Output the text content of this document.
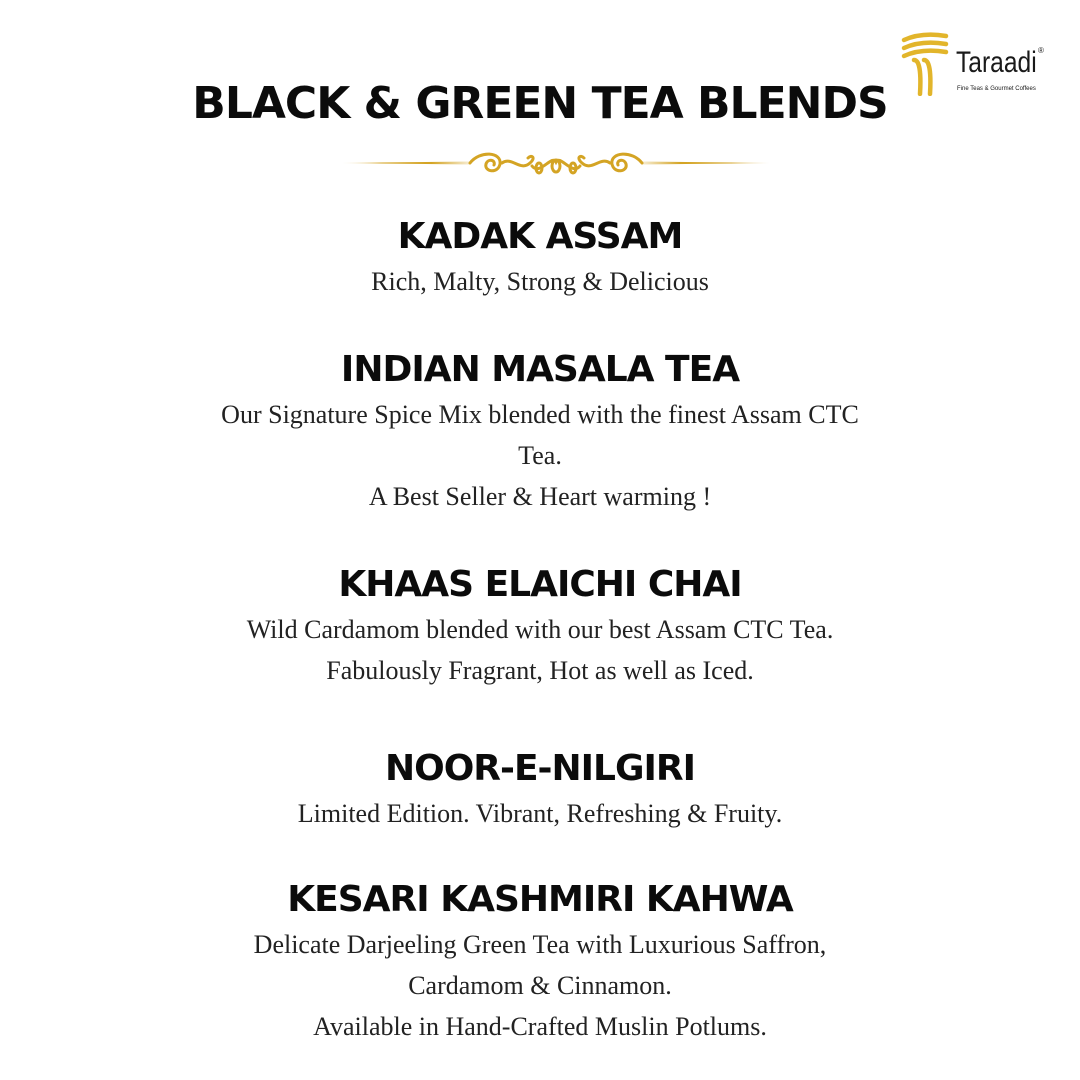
Taraadi ®
Fine Teas & Gourmet Coffees
BLACK & GREEN TEA BLENDS
KADAK ASSAM

Rich, Malty, Strong & Delicious

INDIAN MASALA TEA

Our Signature Spice Mix blended with the finest Assam CTC
Tea.
A Best Seller & Heart warming !

KHAAS ELAICHI CHAI

Wild Cardamom blended with our best Assam CTC Tea.
Fabulously Fragrant, Hot as well as Iced.

NOOR-E-NILGIRI

Limited Edition. Vibrant, Refreshing & Fruity.

KESARI KASHMIRI KAHWA

Delicate Darjeeling Green Tea with Luxurious Saffron,
Cardamom & Cinnamon.
Available in Hand-Crafted Muslin Potlums.
